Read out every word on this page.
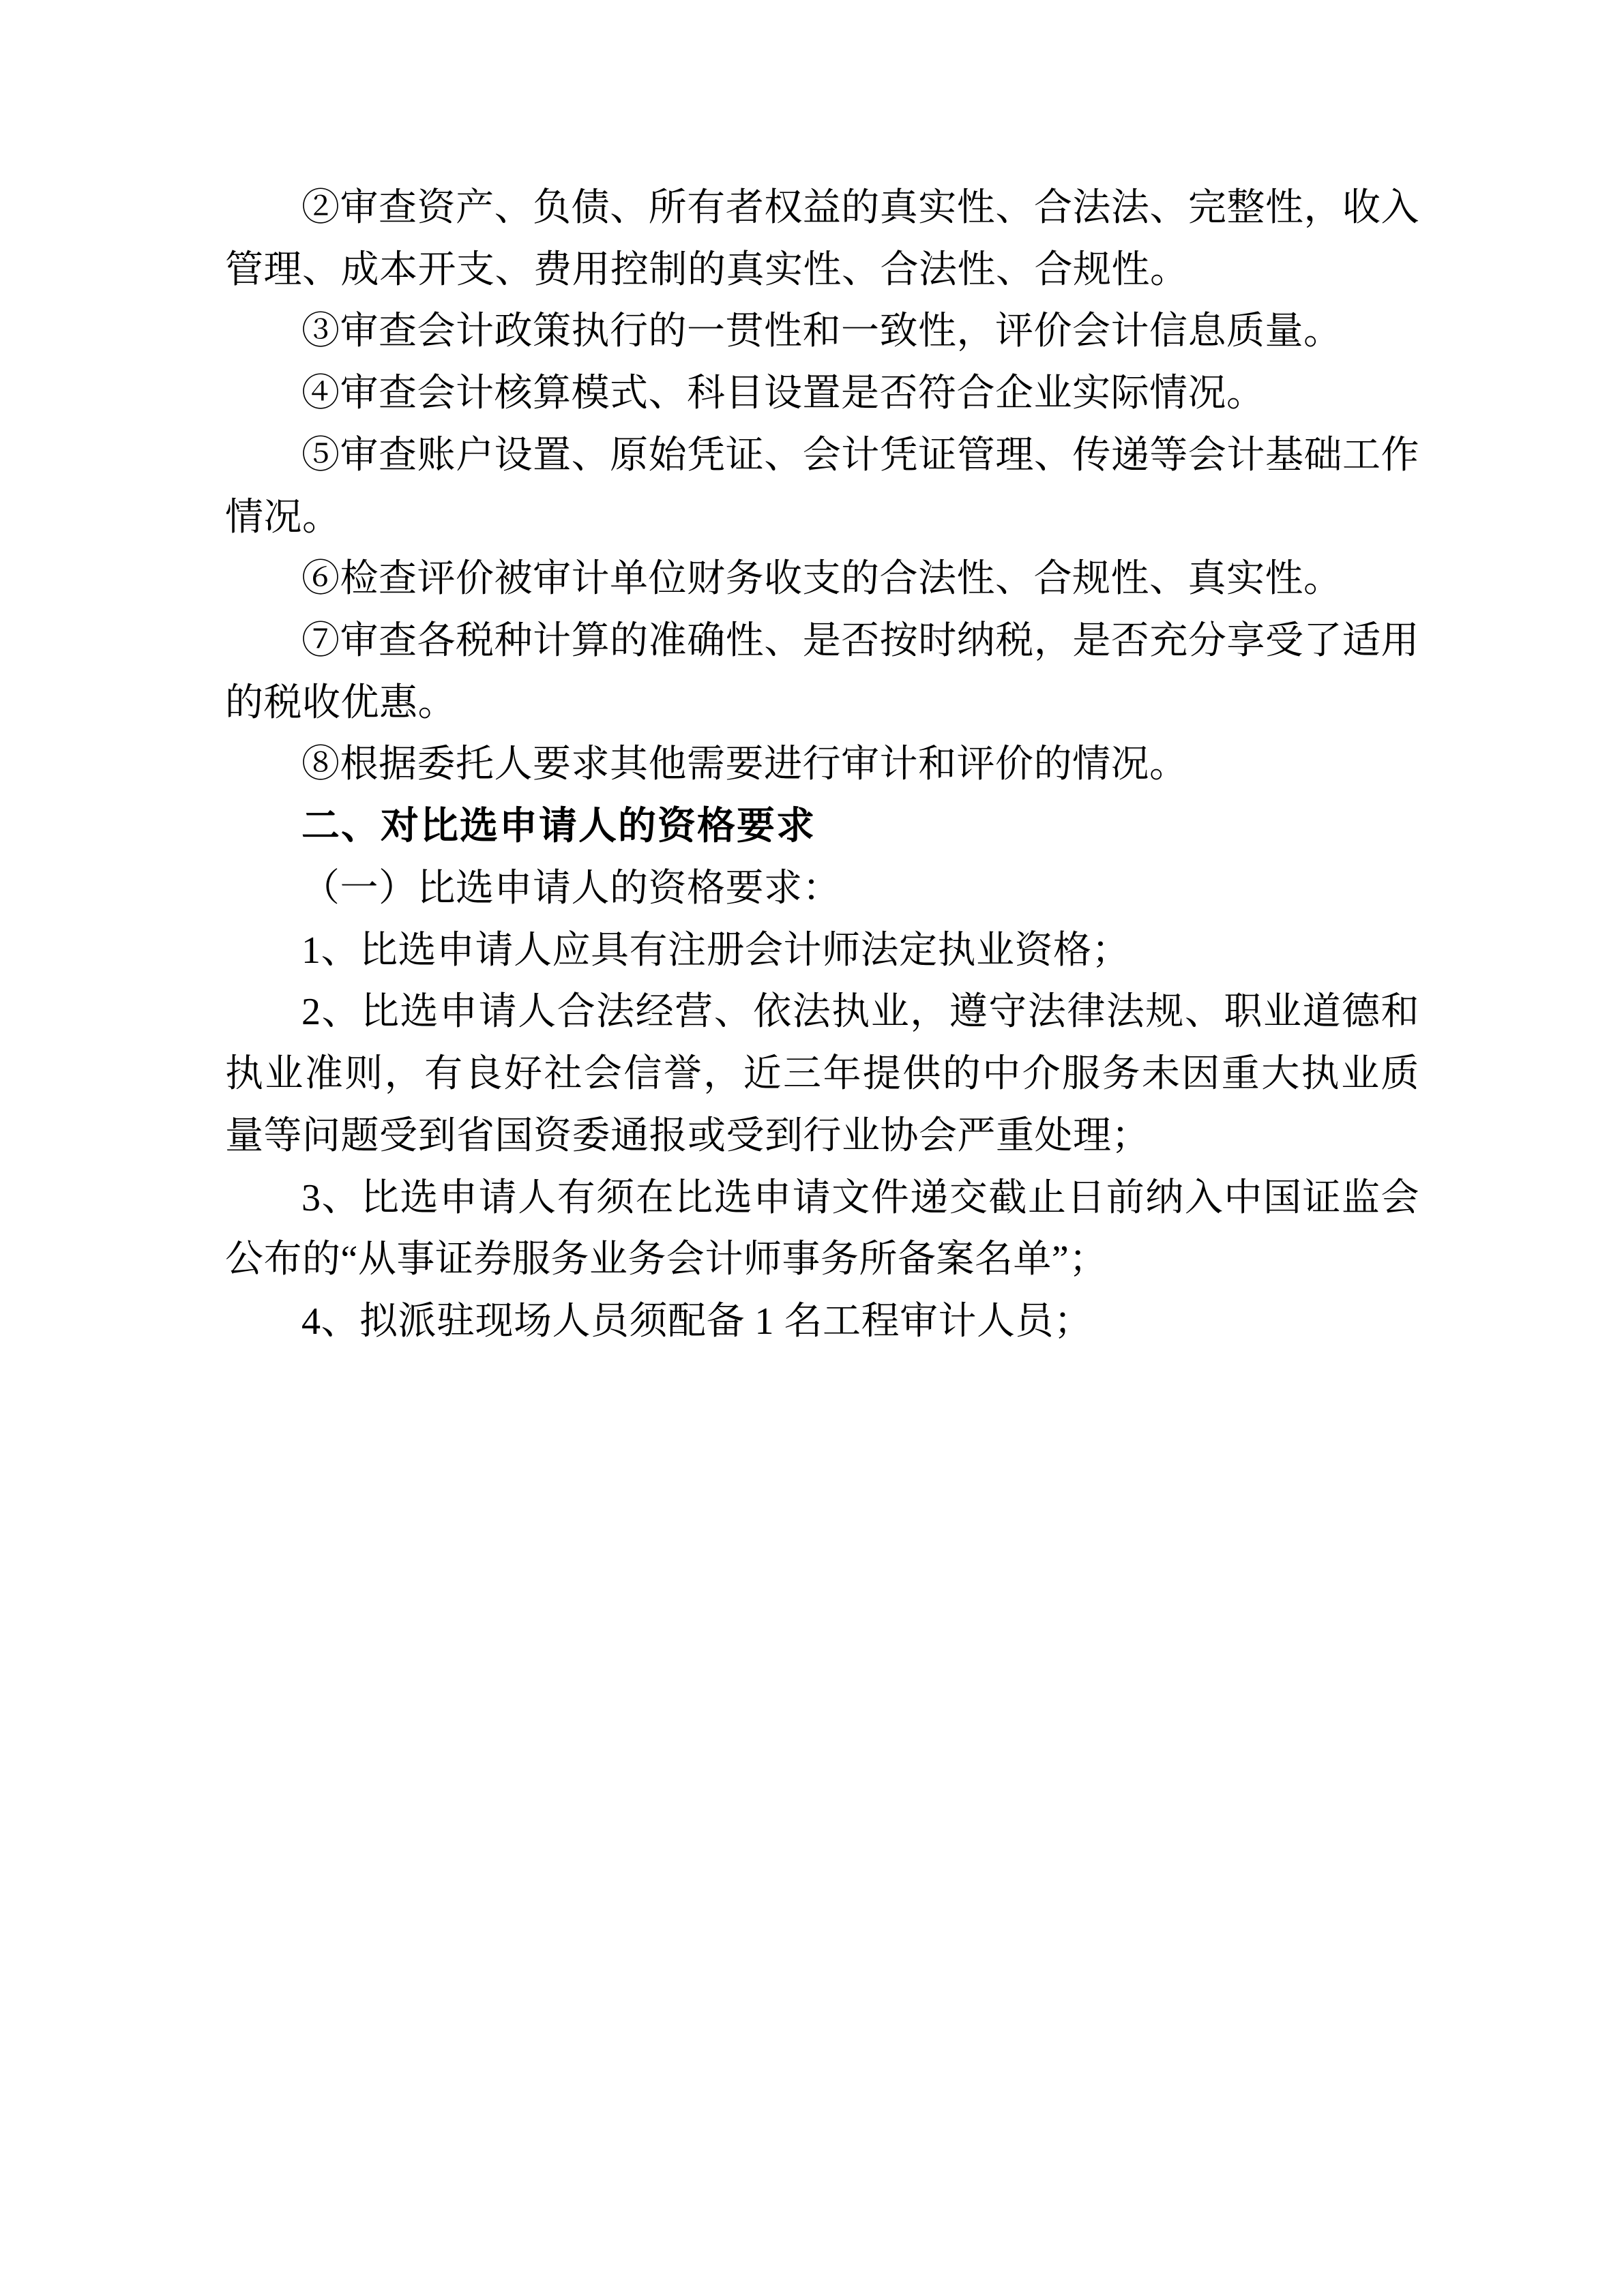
②审查资产、负债、所有者权益的真实性、合法法、完整性，收入管理、成本开支、费用控制的真实性、合法性、合规性。

③审查会计政策执行的一贯性和一致性，评价会计信息质量。

④审查会计核算模式、科目设置是否符合企业实际情况。

⑤审查账户设置、原始凭证、会计凭证管理、传递等会计基础工作情况。

⑥检查评价被审计单位财务收支的合法性、合规性、真实性。

⑦审查各税种计算的准确性、是否按时纳税，是否充分享受了适用的税收优惠。

⑧根据委托人要求其他需要进行审计和评价的情况。

二、对比选申请人的资格要求

（一）比选申请人的资格要求：

1、比选申请人应具有注册会计师法定执业资格；

2、比选申请人合法经营、依法执业，遵守法律法规、职业道德和执业准则，有良好社会信誉，近三年提供的中介服务未因重大执业质量等问题受到省国资委通报或受到行业协会严重处理；

3、比选申请人有须在比选申请文件递交截止日前纳入中国证监会公布的“从事证券服务业务会计师事务所备案名单”；

4、拟派驻现场人员须配备 1 名工程审计人员；
